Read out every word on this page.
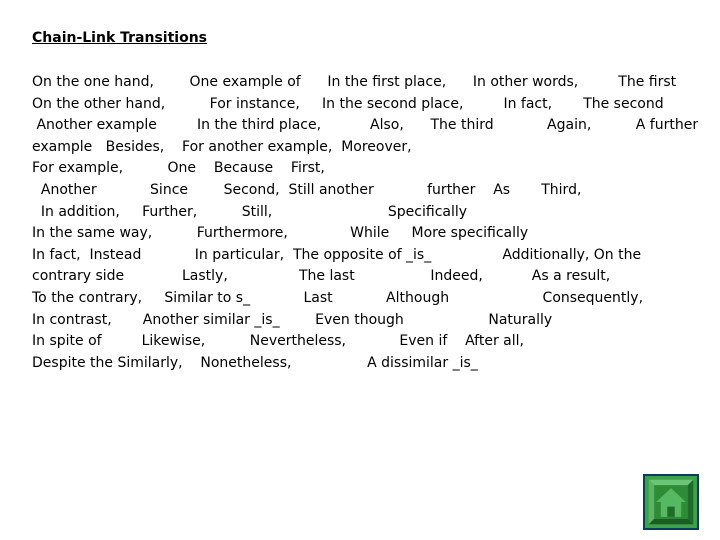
Chain-Link Transitions
On the one hand,        One example of      In the first place,      In other words,         The first
On the other hand,          For instance,     In the second place,         In fact,       The second
Another example         In the third place,           Also,      The third            Again,          A further
example   Besides,    For another example,  Moreover,
For example,          One    Because    First,
Another            Since        Second,  Still another            further    As       Third,
In addition,     Further,          Still,                          Specifically
In the same way,          Furthermore,              While     More specifically
In fact,  Instead            In particular,  The opposite of _is_                Additionally, On the
contrary side             Lastly,                The last                 Indeed,           As a result,
To the contrary,     Similar to s_            Last            Although                     Consequently,
In contrast,       Another similar _is_        Even though                   Naturally
In spite of         Likewise,          Nevertheless,            Even if    After all,
Despite the Similarly,    Nonetheless,                 A dissimilar _is_
